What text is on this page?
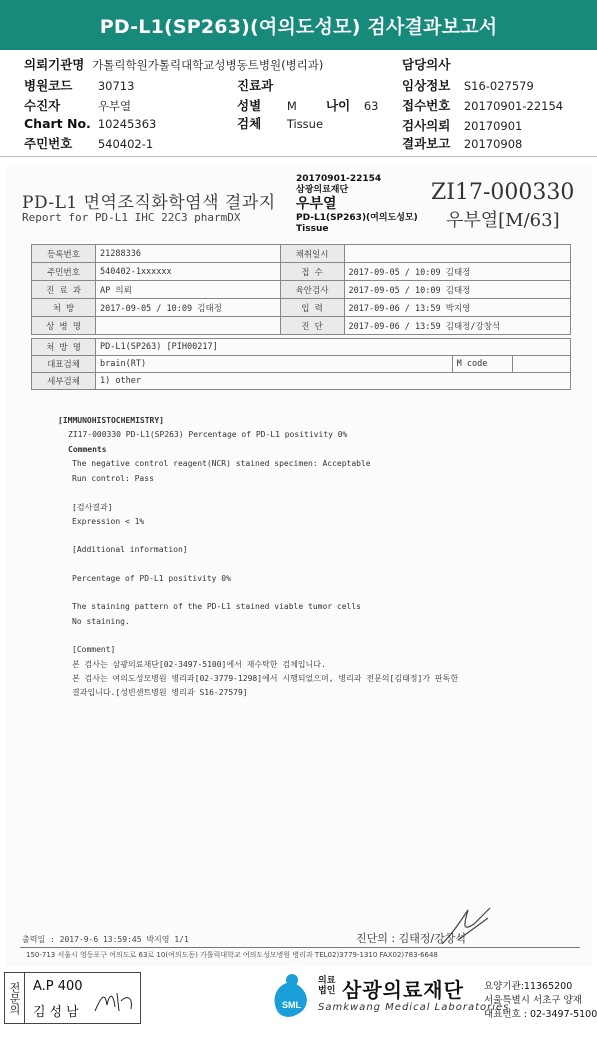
PD-L1(SP263)(여의도성모) 검사결과보고서
의뢰기관명 가톨릭학원가톨릭대학교성병동트병원(병리과)	담당의사
병원코드 30713	진료과	임상정보 S16-027579
수진자	우부열	성별 M 나이 63 접수번호 20170901-22154
Chart No. 10245363	검체 Tissue	검사의뢰 20170901
주민번호 540402-1	결과보고 20170908
PD-L1 면역조직화학염색 결과지
Report for PD-L1 IHC 22C3 pharmDX
20170901-22154
삼광의료재단
우부열
PD-L1(SP263)(여의도성모)
Tissue
ZI17-000330
우부열[M/63]
등록번호	21288336	채취일시	
주민번호	540402-1xxxxxx	접 수	2017-09-05 / 10:09 김태정
진 료 과	AP 의뢰	육안검사	2017-09-05 / 10:09 김태정
처 방	2017-09-05 / 10:09 김태정	입 력	2017-09-06 / 13:59 박지영
상 병 명		진 단	2017-09-06 / 13:59 김태정/강창석
처 방 명	PD-L1(SP263) [PIH00217]		
대표검체	brain(RT)	M code	
세부검체	1) other		
[IMMUNOHISTOCHEMISTRY]
ZI17-000330 PD-L1(SP263) Percentage of PD-L1 positivity 0%
Comments
The negative control reagent(NCR) stained specimen: Acceptable
Run control: Pass
[검사결과]
Expression < 1%
[Additional information]
Percentage of PD-L1 positivity 0%
The staining pattern of the PD-L1 stained viable tumor cells
No staining.
[Comment]
본 검사는 삼광의료재단[02-3497-5100]에서 재수탁한 검체입니다.
본 검사는 여의도성모병원 병리과[02-3779-1298]에서 시행되었으며, 병리과 전문의[김태정]가 판독한
결과입니다.[성빈센트병원 병리과 S16-27579]
출력일 : 2017-9-6 13:59:45 박지영 1/1	진단의 : 김태정/강창석
150-713 서울시 영등포구 여의도로 63로 10(여의도동) 가톨릭대학교 여의도성모병원 병리과 TEL02)3779-1310 FAX02)783-6648
전문의 A.P 400
김성남	SML
의료 법인 삼광의료재단
Samkwang Medical Laboratories
요양기관:11365200
서울특별시 서초구 양재
대표번호 : 02-3497-5100
